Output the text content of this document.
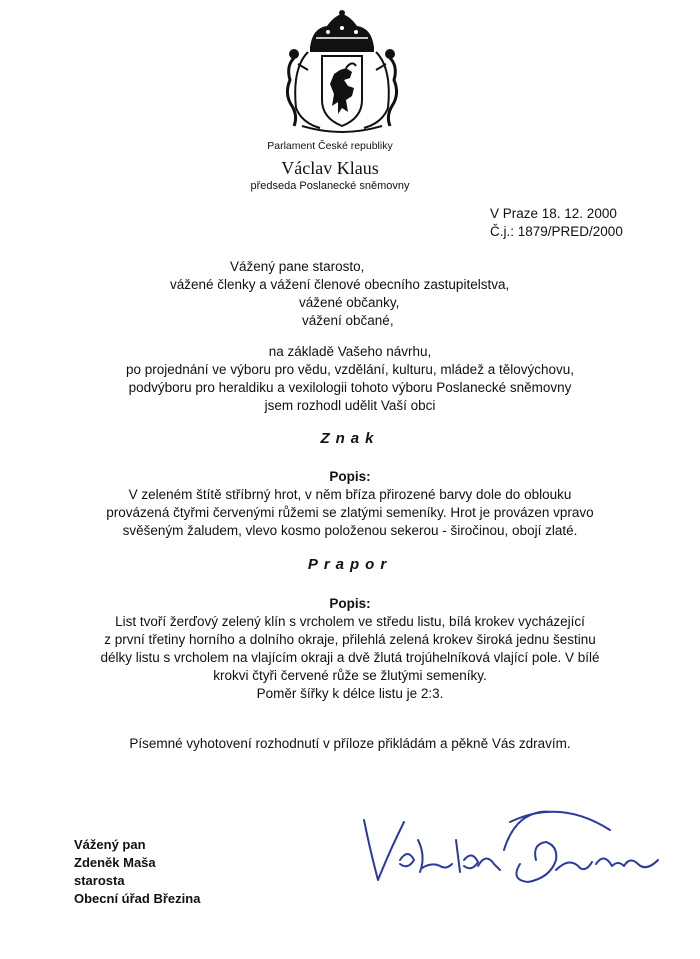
Parlament České republiky
Václav Klaus
předseda Poslanecké sněmovny
V Praze 18. 12. 2000
Č.j.: 1879/PRED/2000
Vážený pane starosto,
vážené členky a vážení členové obecního zastupitelstva,
vážené občanky,
vážení občané,
na základě Vašeho návrhu,
po projednání ve výboru pro vědu, vzdělání, kulturu, mládež a tělovýchovu,
podvýboru pro heraldiku a vexilologii tohoto výboru Poslanecké sněmovny
jsem rozhodl udělit Vaší obci
Znak
Popis:
V zeleném štítě stříbrný hrot, v něm bříza přirozené barvy dole do oblouku
provázená čtyřmi červenými růžemi se zlatými semeníky. Hrot je provázen vpravo
svěšeným žaludem, vlevo kosmo položenou sekerou - širočinou, obojí zlaté.
Prapor
Popis:
List tvoří žerďový zelený klín s vrcholem ve středu listu, bílá krokev vycházející
z první třetiny horního a dolního okraje, přilehlá zelená krokev široká jednu šestinu
délky listu s vrcholem na vlajícím okraji a dvě žlutá trojúhelníková vlající pole. V bílé
krokvi čtyři červené růže se žlutými semeníky.
Poměr šířky k délce listu je 2:3.
Písemné vyhotovení rozhodnutí v příloze přikládám a pěkně Vás zdravím.
Vážený pan
Zdeněk Maša
starosta
Obecní úřad Březina
